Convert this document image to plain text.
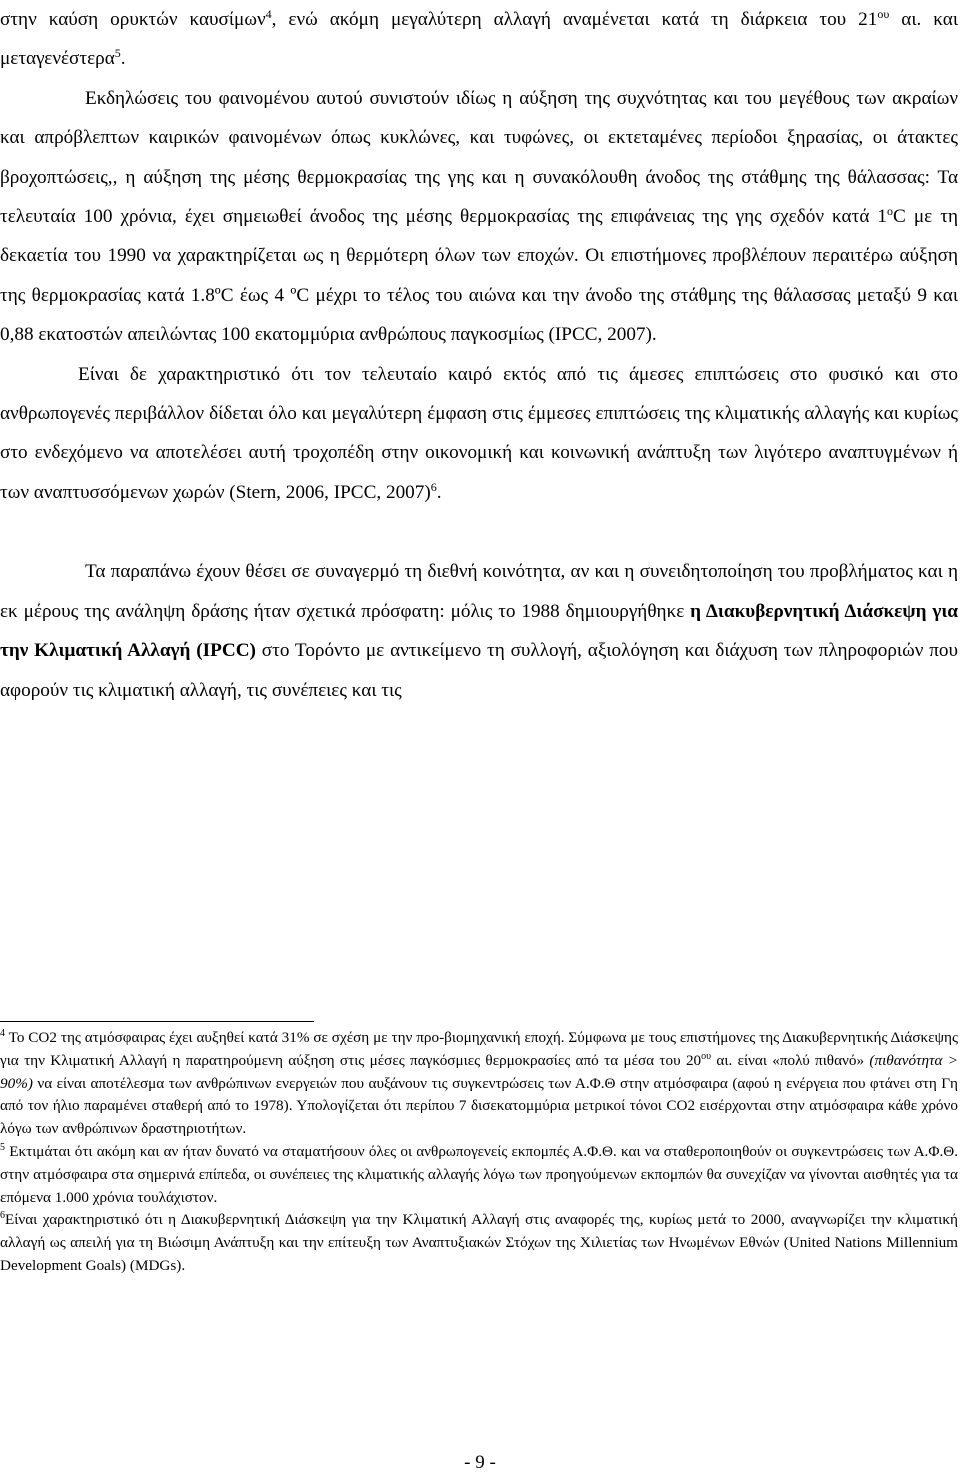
στην καύση ορυκτών καυσίμων$^4$, ενώ ακόμη μεγαλύτερη αλλαγή αναμένεται κατά τη διάρκεια του $21^{o\upsilon}$ αι. και μεταγενέστερα$^5$.

Εκδηλώσεις του φαινομένου αυτού συνιστούν ιδίως η αύξηση της συχνότητας και του μεγέθους των ακραίων και απρόβλεπτων καιρικών φαινομένων όπως κυκλώνες, και τυφώνες, οι εκτεταμένες περίοδοι ξηρασίας, οι άτακτες βροχοπτώσεις,, η αύξηση της μέσης θερμοκρασίας της γης και η συνακόλουθη άνοδος της στάθμης της θάλασσας: Τα τελευταία 100 χρόνια, έχει σημειωθεί άνοδος της μέσης θερμοκρασίας της επιφάνειας της γης σχεδόν κατά $1^oC$ με τη δεκαετία του 1990 να χαρακτηρίζεται ως η θερμότερη όλων των εποχών. Οι επιστήμονες προβλέπουν περαιτέρω αύξηση της θερμοκρασίας κατά 1.8ºC έως 4 ºC μέχρι το τέλος του αιώνα και την άνοδο της στάθμης της θάλασσας μεταξύ 9 και 0,88 εκατοστών απειλώντας 100 εκατομμύρια ανθρώπους παγκοσμίως (IPCC, 2007).

Είναι δε χαρακτηριστικό ότι τον τελευταίο καιρό εκτός από τις άμεσες επιπτώσεις στο φυσικό και στο ανθρωπογενές περιβάλλον δίδεται όλο και μεγαλύτερη έμφαση στις έμμεσες επιπτώσεις της κλιματικής αλλαγής και κυρίως στο ενδεχόμενο να αποτελέσει αυτή τροχοπέδη στην οικονομική και κοινωνική ανάπτυξη των λιγότερο αναπτυγμένων ή των αναπτυσσόμενων χωρών (Stern, 2006, IPCC, 2007)$^6$.

Τα παραπάνω έχουν θέσει σε συναγερμό τη διεθνή κοινότητα, αν και η συνειδητοποίηση του προβλήματος και η εκ μέρους της ανάληψη δράσης ήταν σχετικά πρόσφατη: μόλις το 1988 δημιουργήθηκε η Διακυβερνητική Διάσκεψη για την Κλιματική Αλλαγή (IPCC) στο Τορόντο με αντικείμενο τη συλλογή, αξιολόγηση και διάχυση των πληροφοριών που αφορούν τις κλιματική αλλαγή, τις συνέπειες και τις

$^4$ Το CO2 της ατμόσφαιρας έχει αυξηθεί κατά 31% σε σχέση με την προ-βιομηχανική εποχή. Σύμφωνα με τους επιστήμονες της Διακυβερνητικής Διάσκεψης για την Κλιματική Αλλαγή η παρατηρούμενη αύξηση στις μέσες παγκόσμιες θερμοκρασίες από τα μέσα του $20^{o\upsilon}$ αι. είναι «πολύ πιθανό» (πιθανότητα > 90%) να είναι αποτέλεσμα των ανθρώπινων ενεργειών που αυξάνουν τις συγκεντρώσεις των Α.Φ.Θ στην ατμόσφαιρα (αφού η ενέργεια που φτάνει στη Γη από τον ήλιο παραμένει σταθερή από το 1978). Υπολογίζεται ότι περίπου 7 δισεκατομμύρια μετρικοί τόνοι CO2 εισέρχονται στην ατμόσφαιρα κάθε χρόνο λόγω των ανθρώπινων δραστηριοτήτων.

$^5$ Εκτιμάται ότι ακόμη και αν ήταν δυνατό να σταματήσουν όλες οι ανθρωπογενείς εκπομπές Α.Φ.Θ. και να σταθεροποιηθούν οι συγκεντρώσεις των Α.Φ.Θ. στην ατμόσφαιρα στα σημερινά επίπεδα, οι συνέπειες της κλιματικής αλλαγής λόγω των προηγούμενων εκπομπών θα συνεχίζαν να γίνονται αισθητές για τα επόμενα 1.000 χρόνια τουλάχιστον.

$^6$Είναι χαρακτηριστικό ότι η Διακυβερνητική Διάσκεψη για την Κλιματική Αλλαγή στις αναφορές της, κυρίως μετά το 2000, αναγνωρίζει την κλιματική αλλαγή ως απειλή για τη Βιώσιμη Ανάπτυξη και την επίτευξη των Αναπτυξιακών Στόχων της Χιλιετίας των Ηνωμένων Εθνών (United Nations Millennium Development Goals) (MDGs).

- 9 -
